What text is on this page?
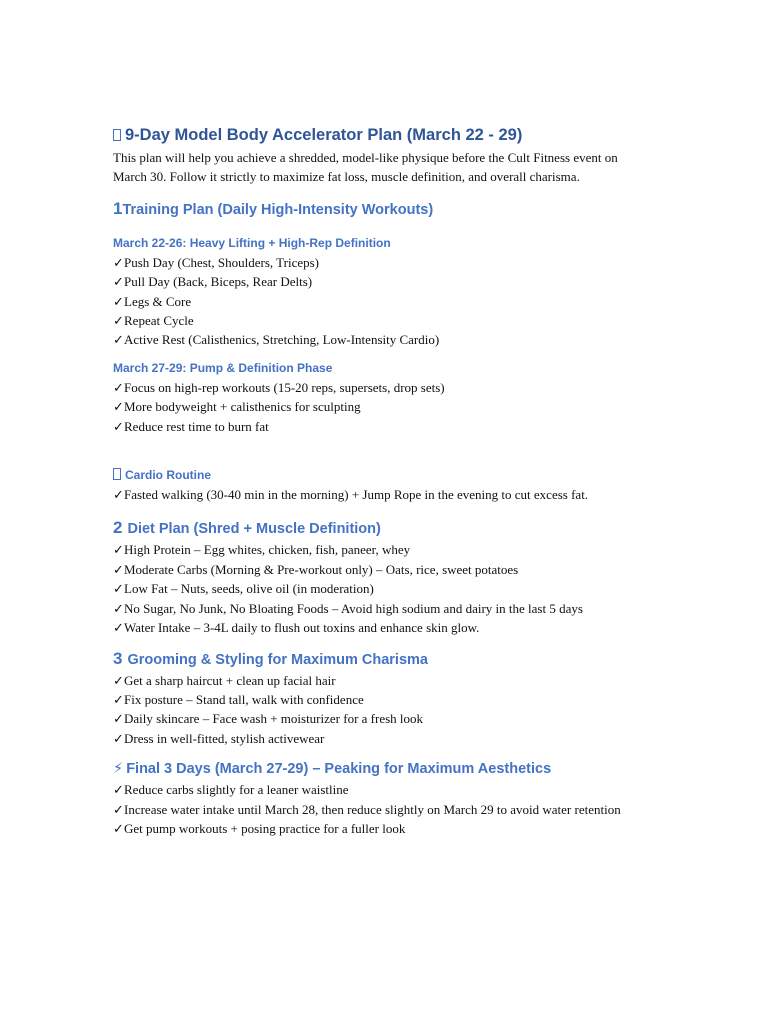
9-Day Model Body Accelerator Plan (March 22 - 29)

This plan will help you achieve a shredded, model-like physique before the Cult Fitness event on March 30. Follow it strictly to maximize fat loss, muscle definition, and overall charisma.

1Training Plan (Daily High-Intensity Workouts)
March 22-26: Heavy Lifting + High-Rep Definition
✓Push Day (Chest, Shoulders, Triceps)
✓Pull Day (Back, Biceps, Rear Delts)
✓Legs & Core
✓Repeat Cycle
✓Active Rest (Calisthenics, Stretching, Low-Intensity Cardio)
March 27-29: Pump & Definition Phase
✓Focus on high-rep workouts (15-20 reps, supersets, drop sets)
✓More bodyweight + calisthenics for sculpting
✓Reduce rest time to burn fat
Cardio Routine
✓Fasted walking (30-40 min in the morning) + Jump Rope in the evening to cut excess fat.
2 Diet Plan (Shred + Muscle Definition)
✓High Protein – Egg whites, chicken, fish, paneer, whey
✓Moderate Carbs (Morning & Pre-workout only) – Oats, rice, sweet potatoes
✓Low Fat – Nuts, seeds, olive oil (in moderation)
✓No Sugar, No Junk, No Bloating Foods – Avoid high sodium and dairy in the last 5 days
✓Water Intake – 3-4L daily to flush out toxins and enhance skin glow.
3 Grooming & Styling for Maximum Charisma
✓Get a sharp haircut + clean up facial hair
✓Fix posture – Stand tall, walk with confidence
✓Daily skincare – Face wash + moisturizer for a fresh look
✓Dress in well-fitted, stylish activewear
⚡ Final 3 Days (March 27-29) – Peaking for Maximum Aesthetics
✓Reduce carbs slightly for a leaner waistline
✓Increase water intake until March 28, then reduce slightly on March 29 to avoid water retention
✓Get pump workouts + posing practice for a fuller look
